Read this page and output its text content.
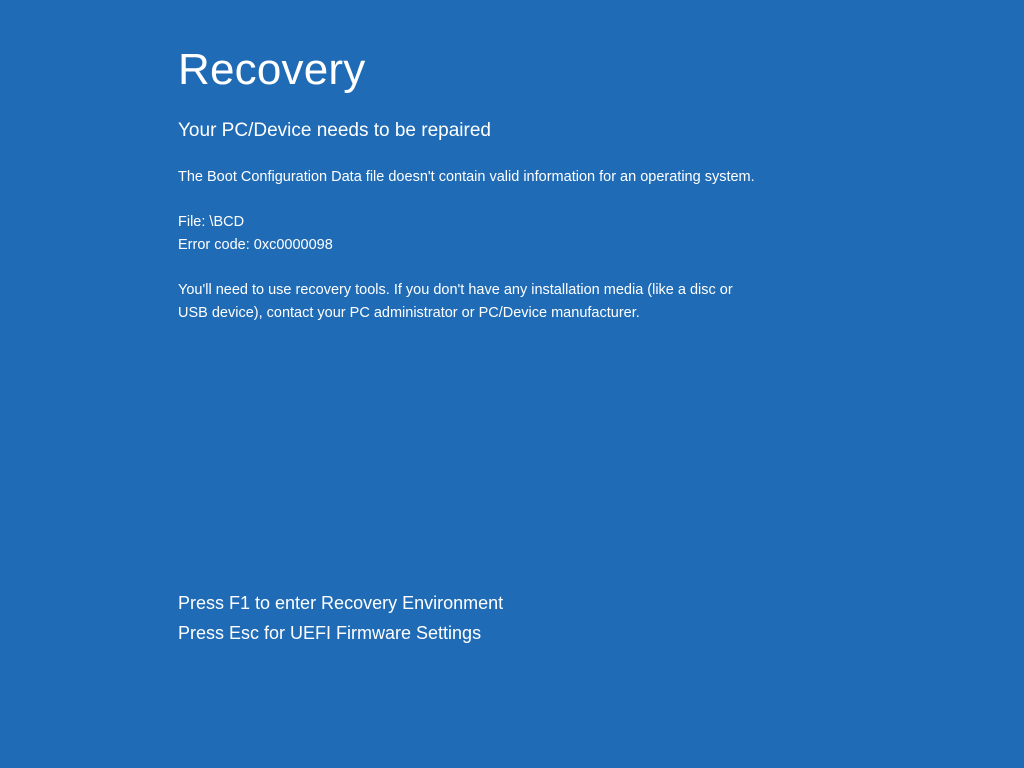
Recovery
Your PC/Device needs to be repaired
The Boot Configuration Data file doesn't contain valid information for an operating system.
File: \BCD
Error code: 0xc0000098
You'll need to use recovery tools. If you don't have any installation media (like a disc or USB device), contact your PC administrator or PC/Device manufacturer.
Press F1 to enter Recovery Environment
Press Esc for UEFI Firmware Settings
